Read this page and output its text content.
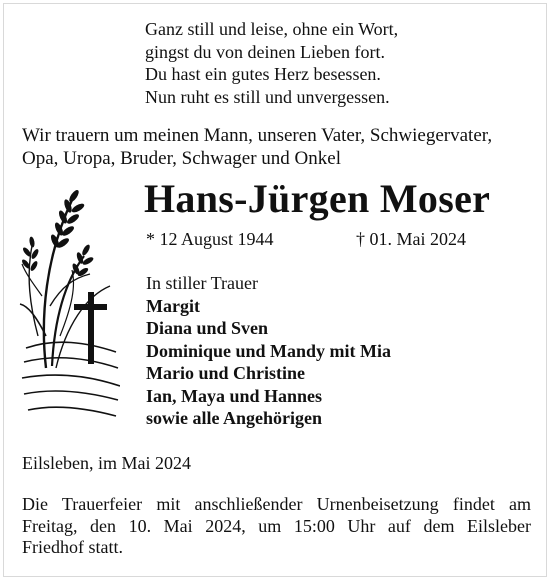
Ganz still und leise, ohne ein Wort,
gingst du von deinen Lieben fort.
Du hast ein gutes Herz besessen.
Nun ruht es still und unvergessen.
Wir trauern um meinen Mann, unseren Vater, Schwiegervater,
Opa, Uropa, Bruder, Schwager und Onkel
Hans-Jürgen Moser
* 12 August 1944	† 01. Mai 2024
In stiller Trauer
Margit
Diana und Sven
Dominique und Mandy mit Mia
Mario und Christine
Ian, Maya und Hannes
sowie alle Angehörigen
Eilsleben, im Mai 2024
Die Trauerfeier mit anschließender Urnenbeisetzung findet am
Freitag, den 10. Mai 2024, um 15:00 Uhr auf dem Eilsleber
Friedhof statt.
